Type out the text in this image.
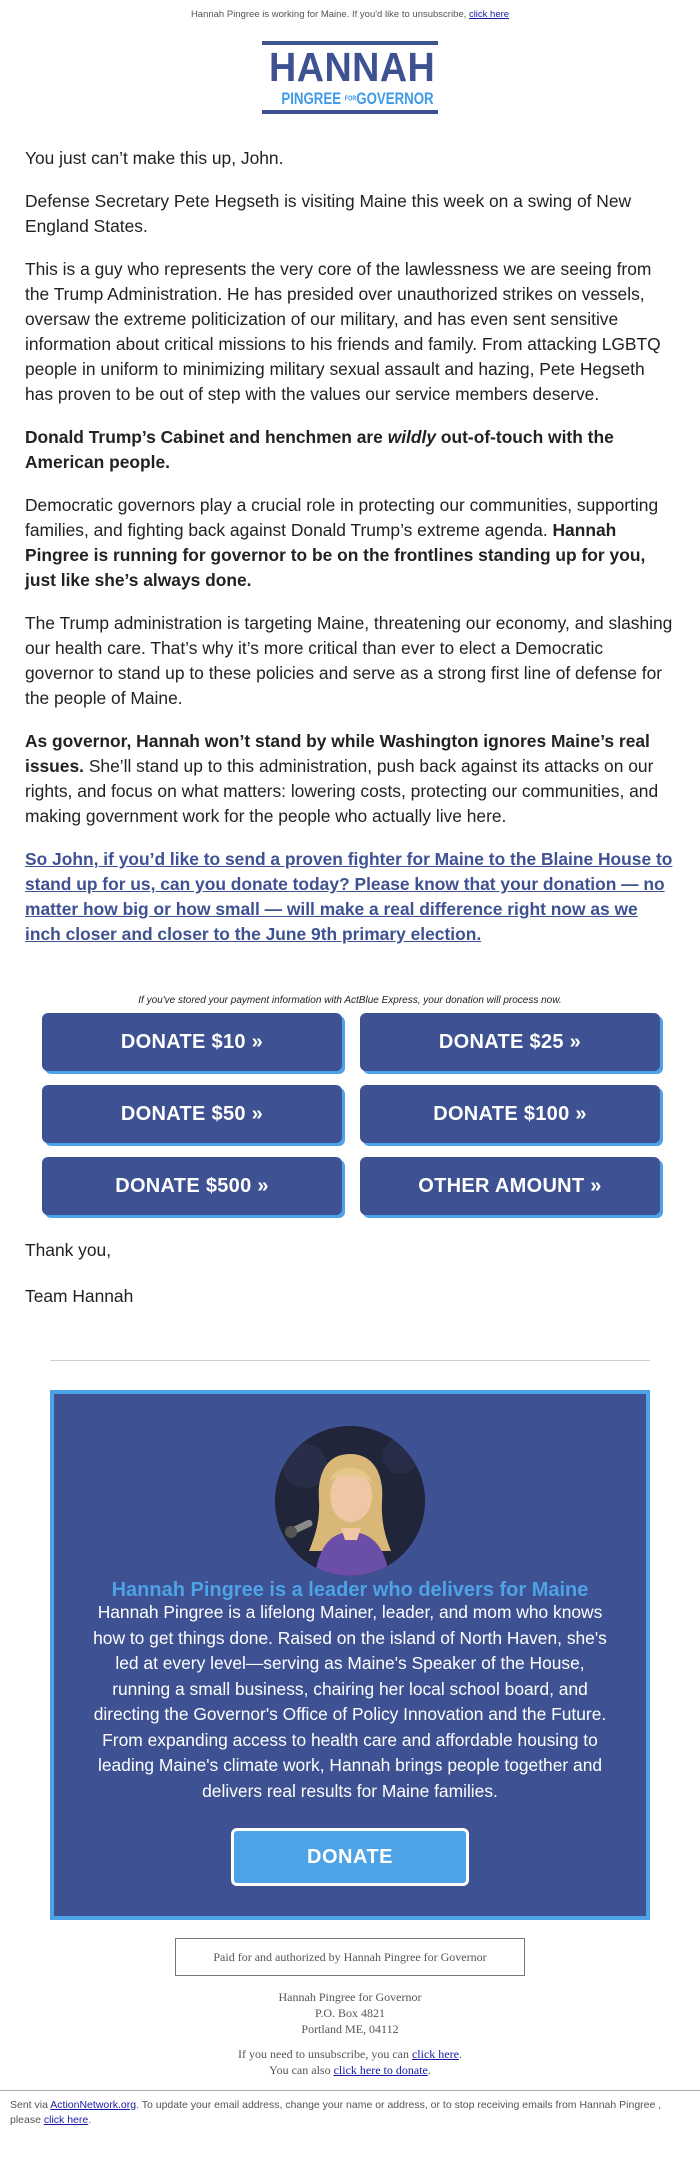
Hannah Pingree is working for Maine. If you'd like to unsubscribe, click here
HANNAH
PINGREE FORGOVERNOR

You just can’t make this up, John.

Defense Secretary Pete Hegseth is visiting Maine this week on a swing of New England States.

This is a guy who represents the very core of the lawlessness we are seeing from the Trump Administration. He has presided over unauthorized strikes on vessels, oversaw the extreme politicization of our military, and has even sent sensitive information about critical missions to his friends and family. From attacking LGBTQ people in uniform to minimizing military sexual assault and hazing, Pete Hegseth has proven to be out of step with the values our service members deserve.

Donald Trump’s Cabinet and henchmen are wildly out-of-touch with the American people.

Democratic governors play a crucial role in protecting our communities, supporting families, and fighting back against Donald Trump’s extreme agenda. Hannah Pingree is running for governor to be on the frontlines standing up for you, just like she’s always done.

The Trump administration is targeting Maine, threatening our economy, and slashing our health care. That’s why it’s more critical than ever to elect a Democratic governor to stand up to these policies and serve as a strong first line of defense for the people of Maine.

As governor, Hannah won’t stand by while Washington ignores Maine’s real issues. She’ll stand up to this administration, push back against its attacks on our rights, and focus on what matters: lowering costs, protecting our communities, and making government work for the people who actually live here.

So John, if you’d like to send a proven fighter for Maine to the Blaine House to stand up for us, can you donate today? Please know that your donation — no matter how big or how small — will make a real difference right now as we inch closer and closer to the June 9th primary election.

If you've stored your payment information with ActBlue Express, your donation will process now.
DONATE $10 »	DONATE $25 »
DONATE $50 »	DONATE $100 »
DONATE $500 »	OTHER AMOUNT »
Thank you,
Team Hannah
Hannah Pingree is a leader who delivers for Maine
Hannah Pingree is a lifelong Mainer, leader, and mom who knows how to get things done. Raised on the island of North Haven, she's led at every level—serving as Maine's Speaker of the House, running a small business, chairing her local school board, and directing the Governor's Office of Policy Innovation and the Future. From expanding access to health care and affordable housing to leading Maine's climate work, Hannah brings people together and delivers real results for Maine families.
DONATE
Paid for and authorized by Hannah Pingree for Governor
Hannah Pingree for Governor
P.O. Box 4821
Portland ME, 04112
If you need to unsubscribe, you can click here.
You can also click here to donate.
Sent via ActionNetwork.org. To update your email address, change your name or address, or to stop receiving emails from Hannah Pingree , please click here.
